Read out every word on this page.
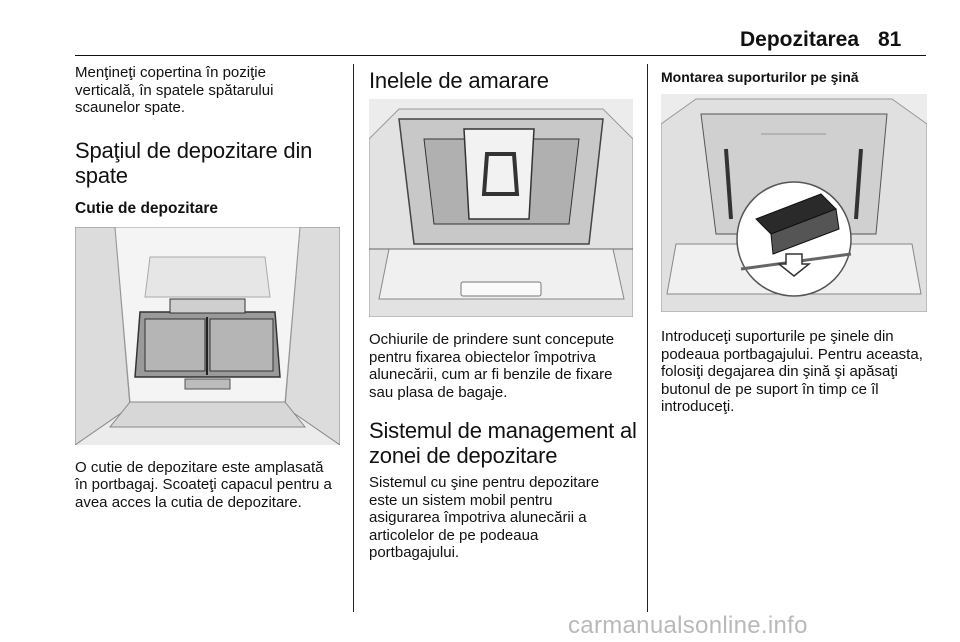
Depozitarea 81

Menţineţi copertina în poziţie verticală, în spatele spătarului scaunelor spate.

Spaţiul de depozitare din spate
Cutie de depozitare

O cutie de depozitare este amplasată în portbagaj. Scoateţi capacul pentru a avea acces la cutia de depozitare.

Inelele de amarare

Ochiurile de prindere sunt concepute pentru fixarea obiectelor împotriva alunecării, cum ar fi benzile de fixare sau plasa de bagaje.

Sistemul de management al zonei de depozitare

Sistemul cu şine pentru depozitare este un sistem mobil pentru asigurarea împotriva alunecării a articolelor de pe podeaua portbagajului.

Montarea suporturilor pe şină

Introduceţi suporturile pe şinele din podeaua portbagajului. Pentru aceasta, folosiţi degajarea din şină şi apăsaţi butonul de pe suport în timp ce îl introduceţi.

carmanualsonline.info
